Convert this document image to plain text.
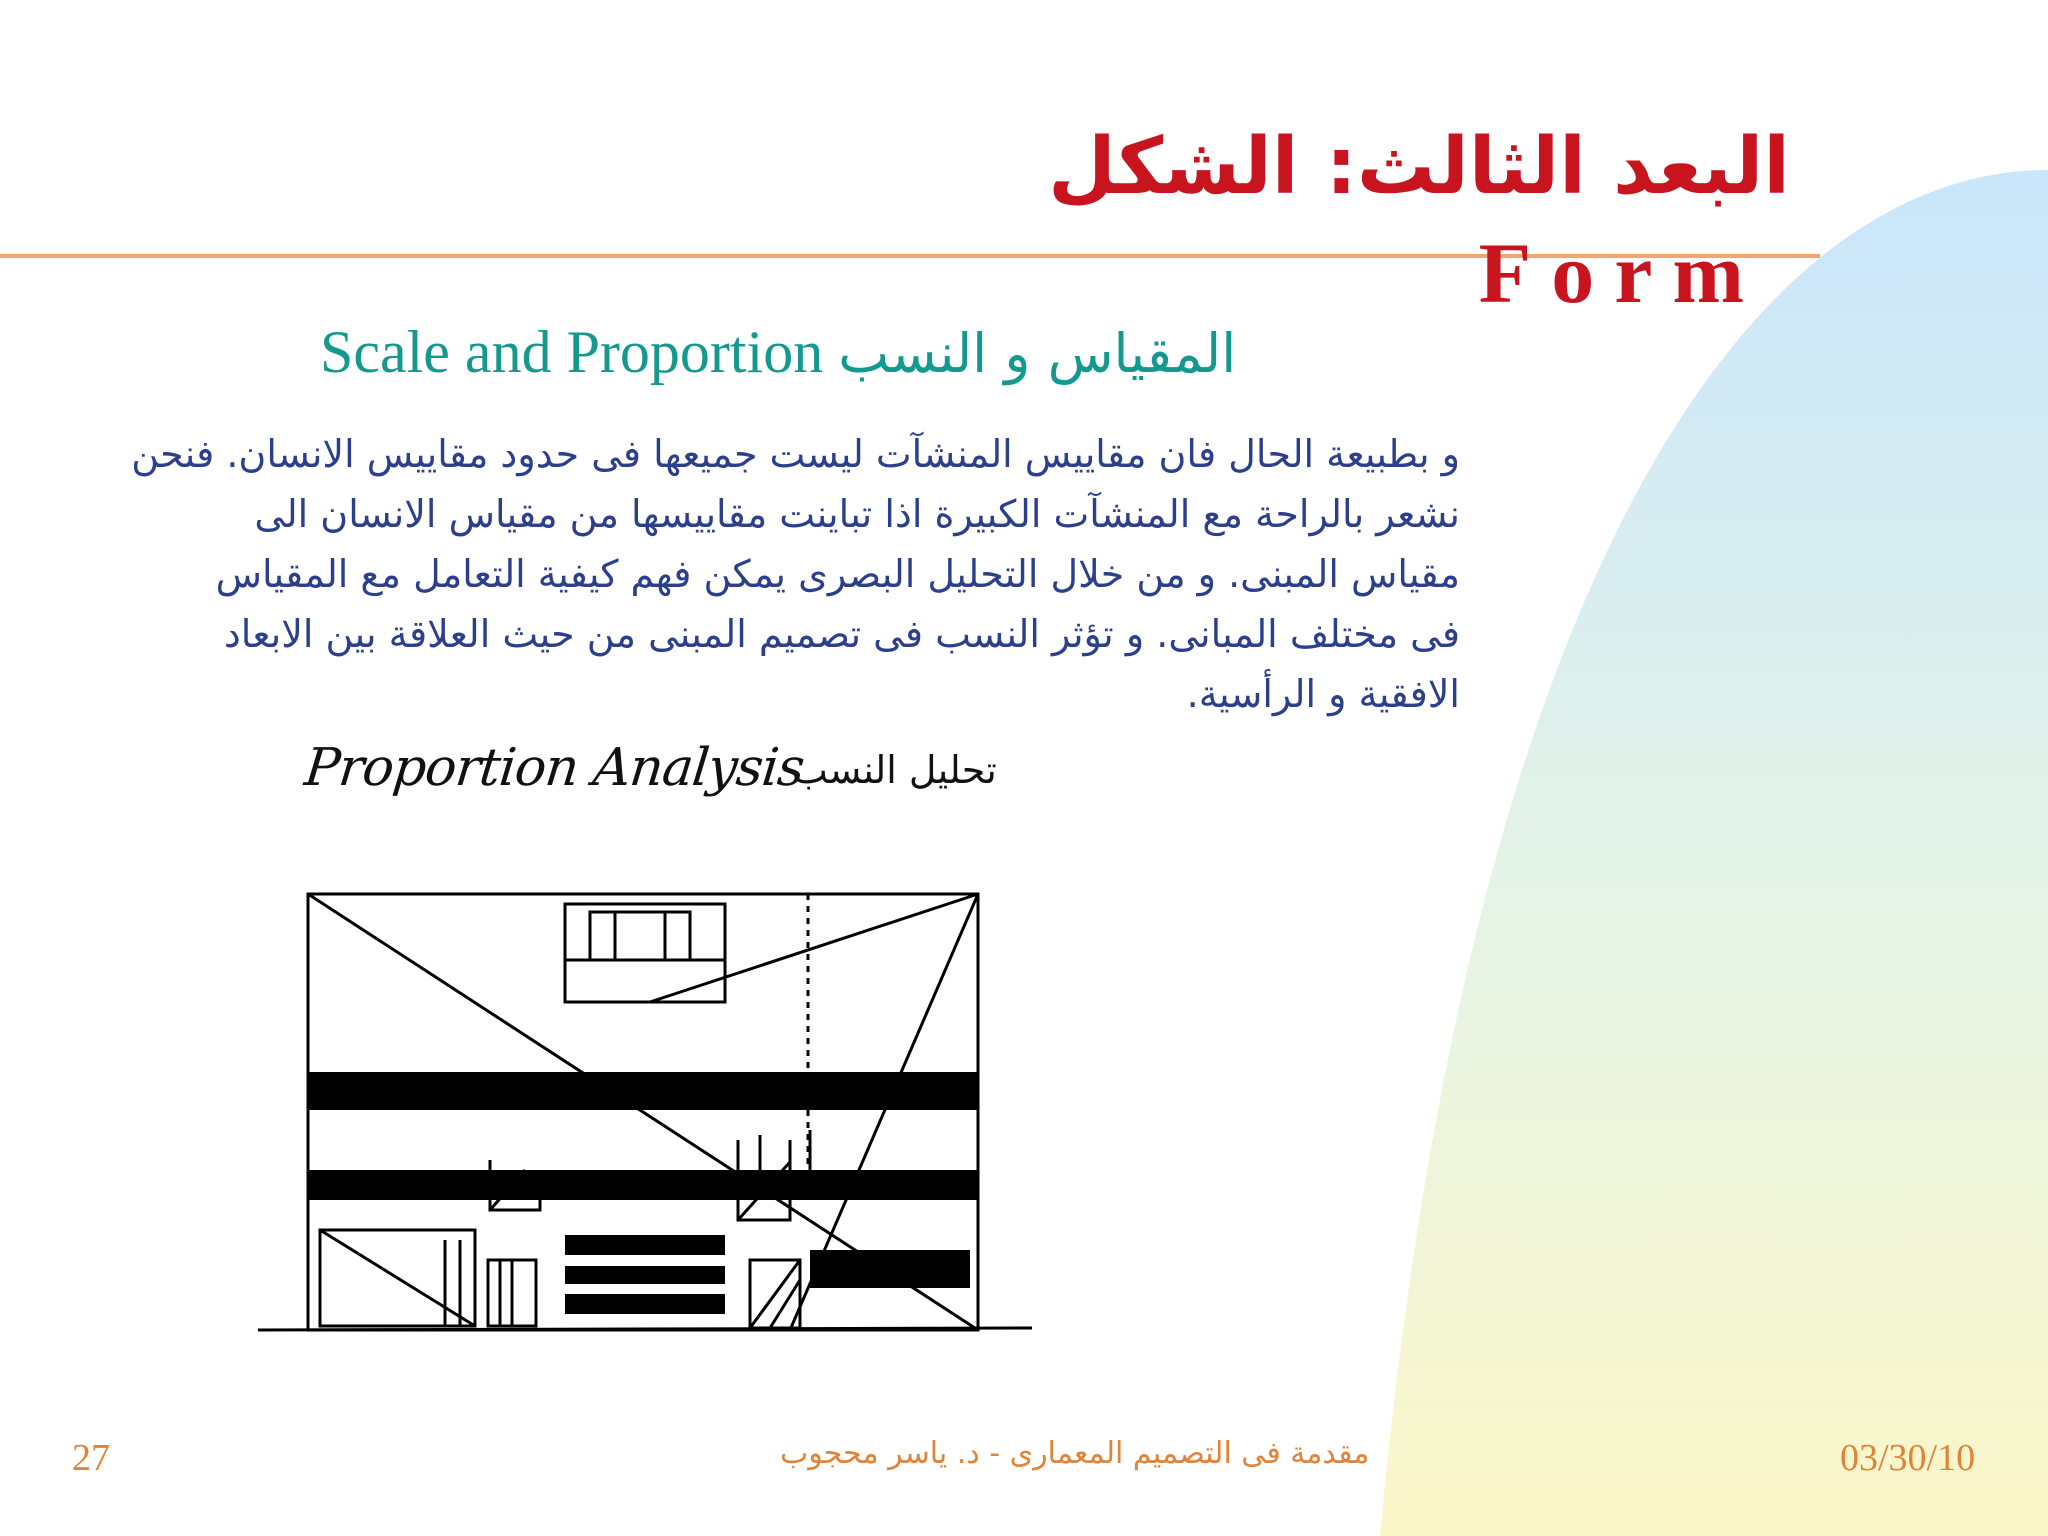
البعد الثالث: الشكل
Form
Scale and Proportion المقياس و النسب

و بطبيعة الحال فان مقاييس المنشآت ليست جميعها فى حدود مقاييس الانسان. فنحن

نشعر بالراحة مع المنشآت الكبيرة اذا تباينت مقاييسها من مقياس الانسان الى

مقياس المبنى. و من خلال التحليل البصرى يمكن فهم كيفية التعامل مع المقياس

فى مختلف المبانى. و تؤثر النسب فى تصميم المبنى من حيث العلاقة بين الابعاد

الافقية و الرأسية.

Proportion Analysis
تحليل النسب
27	مقدمة فى التصميم المعمارى - د. ياسر محجوب	03/30/10
